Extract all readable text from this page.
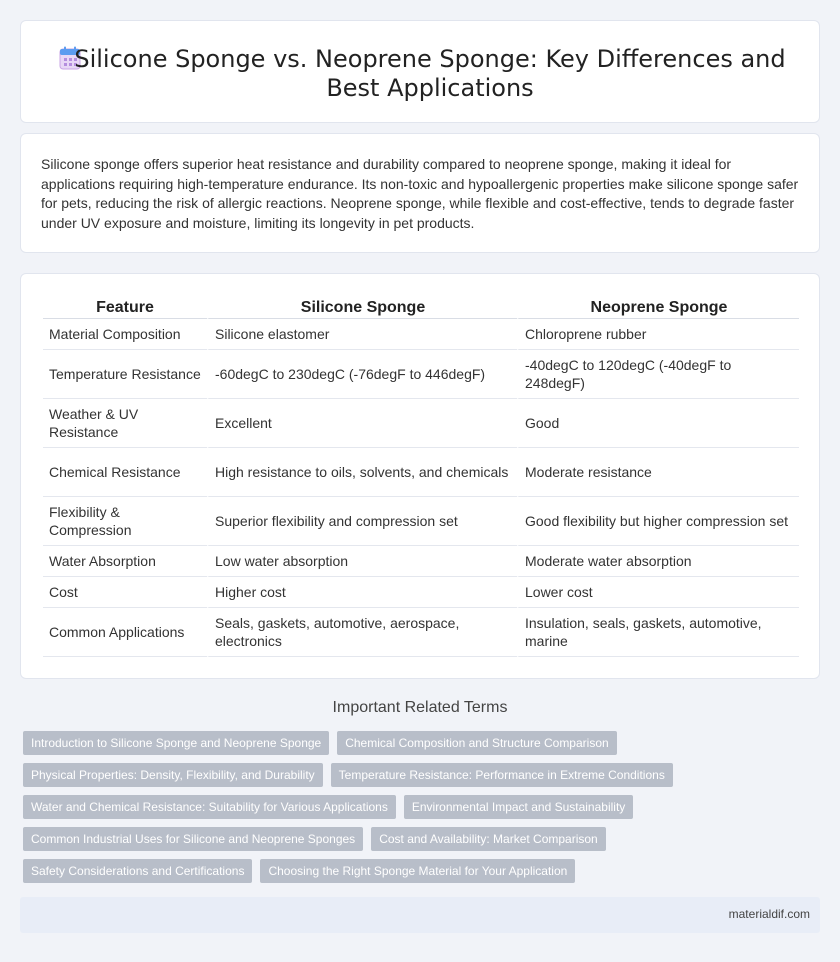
Silicone Sponge vs. Neoprene Sponge: Key Differences and Best Applications

Silicone sponge offers superior heat resistance and durability compared to neoprene sponge, making it ideal for applications requiring high-temperature endurance. Its non-toxic and hypoallergenic properties make silicone sponge safer for pets, reducing the risk of allergic reactions. Neoprene sponge, while flexible and cost-effective, tends to degrade faster under UV exposure and moisture, limiting its longevity in pet products.

Feature	Silicone Sponge	Neoprene Sponge
Material Composition	Silicone elastomer	Chloroprene rubber
Temperature Resistance	-60degC to 230degC (-76degF to 446degF)	-40degC to 120degC (-40degF to 248degF)
Weather & UV Resistance	Excellent	Good
Chemical Resistance	High resistance to oils, solvents, and chemicals	Moderate resistance
Flexibility & Compression	Superior flexibility and compression set	Good flexibility but higher compression set
Water Absorption	Low water absorption	Moderate water absorption
Cost	Higher cost	Lower cost
Common Applications	Seals, gaskets, automotive, aerospace, electronics	Insulation, seals, gaskets, automotive, marine
Important Related Terms
Introduction to Silicone Sponge and Neoprene Sponge	Chemical Composition and Structure Comparison
Physical Properties: Density, Flexibility, and Durability	Temperature Resistance: Performance in Extreme Conditions
Water and Chemical Resistance: Suitability for Various Applications	Environmental Impact and Sustainability
Common Industrial Uses for Silicone and Neoprene Sponges	Cost and Availability: Market Comparison
Safety Considerations and Certifications	Choosing the Right Sponge Material for Your Application
materialdif.com
